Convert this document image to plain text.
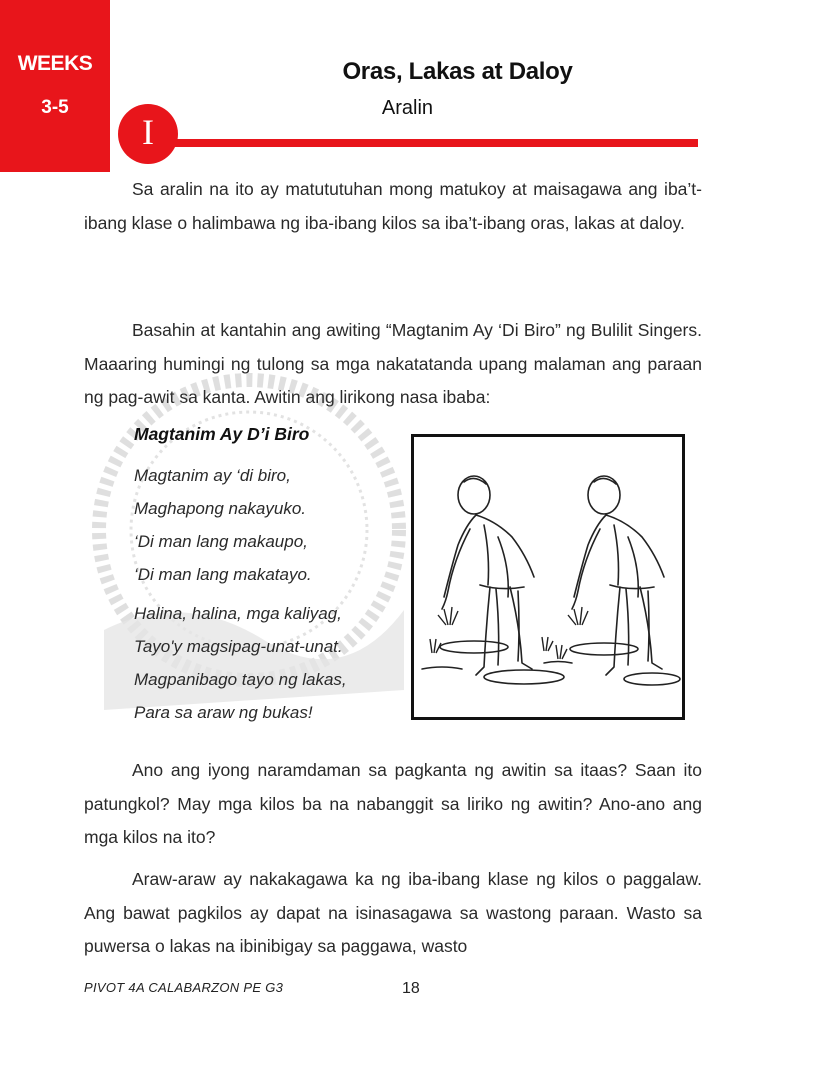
WEEKS
3-5
Oras, Lakas at Daloy
Aralin
I

Sa aralin na ito ay matututuhan mong matukoy at maisagawa ang iba’t-ibang klase o halimbawa ng iba-ibang kilos sa iba’t-ibang oras, lakas at daloy.

Basahin at kantahin ang awiting “Magtanim Ay ‘Di Biro” ng Bulilit Singers. Maaaring humingi ng tulong sa mga nakatatanda upang malaman ang paraan ng pag-awit sa kanta. Awitin ang lirikong nasa ibaba:

Magtanim Ay D’i Biro
Magtanim ay ‘di biro,
Maghapong nakayuko.
‘Di man lang makaupo,
‘Di man lang makatayo.
Halina, halina, mga kaliyag,
Tayo'y magsipag-unat-unat.
Magpanibago tayo ng lakas,
Para sa araw ng bukas!

Ano ang iyong naramdaman sa pagkanta ng awitin sa itaas? Saan ito patungkol? May mga kilos ba na nabanggit sa liriko ng awitin? Ano-ano ang mga kilos na ito?

Araw-araw ay nakakagawa ka ng iba-ibang klase ng kilos o paggalaw. Ang bawat pagkilos ay dapat na isinasagawa sa wastong paraan. Wasto sa puwersa o lakas na ibinibigay sa paggawa, wasto

PIVOT 4A CALABARZON PE G3	18
